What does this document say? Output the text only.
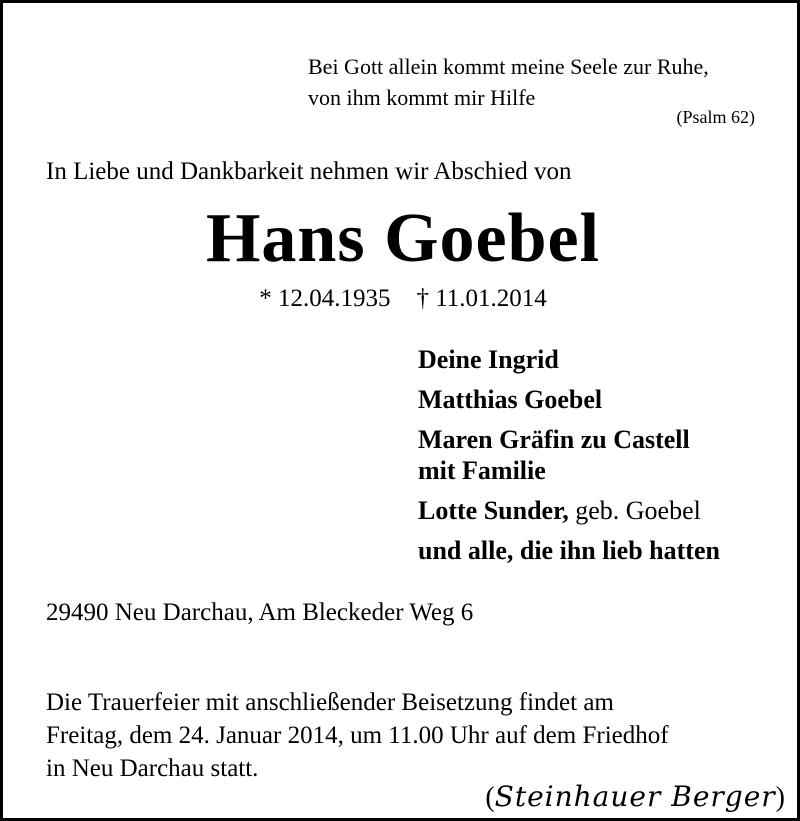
Bei Gott allein kommt meine Seele zur Ruhe,
von ihm kommt mir Hilfe
(Psalm 62)
In Liebe und Dankbarkeit nehmen wir Abschied von
Hans Goebel
* 12.04.1935 † 11.01.2014
Deine Ingrid
Matthias Goebel
Maren Gräfin zu Castell
mit Familie
Lotte Sunder, geb. Goebel
und alle, die ihn lieb hatten
29490 Neu Darchau, Am Bleckeder Weg 6
Die Trauerfeier mit anschließender Beisetzung findet am
Freitag, dem 24. Januar 2014, um 11.00 Uhr auf dem Friedhof
in Neu Darchau statt.
(Steinhauer Berger)
